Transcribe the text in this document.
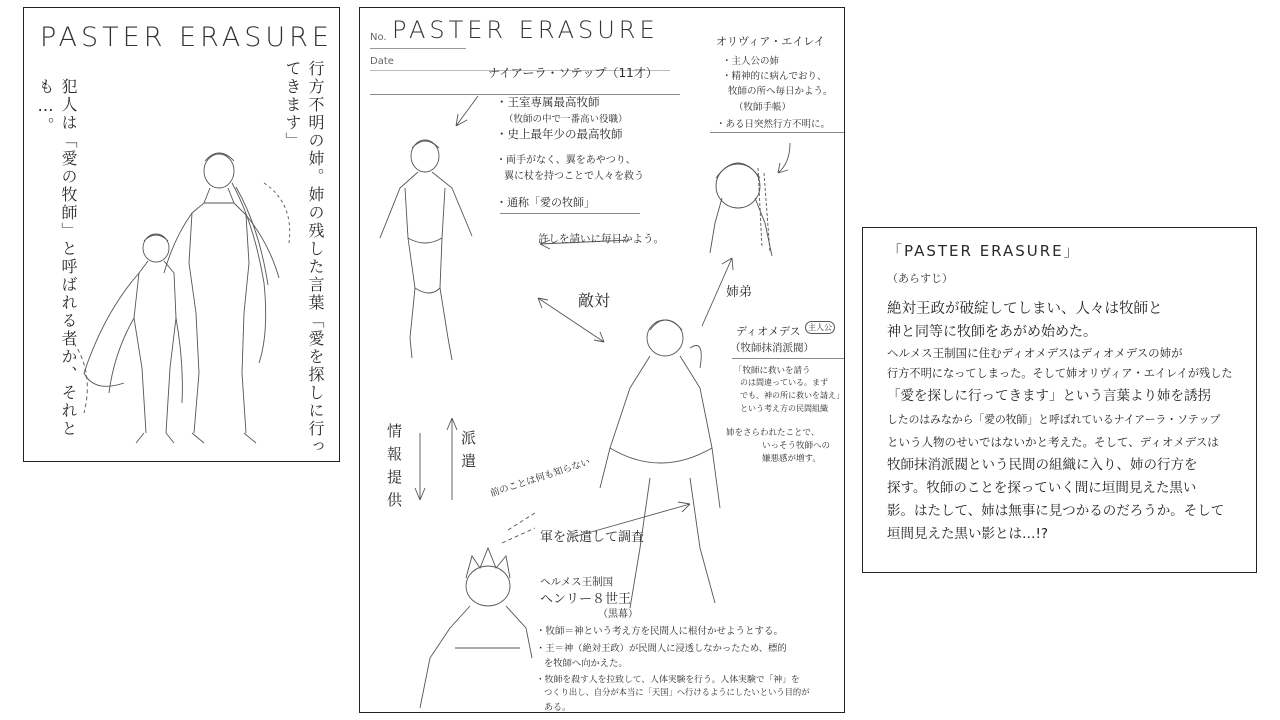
PASTER ERASURE
行方不明の姉。姉の残した言葉「愛を探しに行ってきます」
犯人は「愛の牧師」と呼ばれる者か、それとも…。
No.
Date
PASTER ERASURE
ナイアーラ・ソテップ（11才）
・王室専属最高牧師
（牧師の中で一番高い役職）
・史上最年少の最高牧師
・両手がなく、翼をあやつり、
翼に杖を持つことで人々を救う
・通称「愛の牧師」
オリヴィア・エイレイ
・主人公の姉
・精神的に病んでおり、
牧師の所へ毎日かよう。
（牧師手帳）
・ある日突然行方不明に。
姉弟
敵対
許しを請いに毎日かよう。
ディオメデス 主人公
（牧師抹消派閥）
「牧師に救いを請う
のは間違っている。まず
でも、神の所に救いを請え」
という考え方の民間組織
姉をさらわれたことで、
いっそう牧師への
嫌悪感が増す。
情報提供	派遣
前のことは何も知らない
軍を派遣して調査
ヘルメス王制国
ヘンリー８世王
（黒幕）
・牧師＝神という考え方を民間人に根付かせようとする。
・王＝神（絶対王政）が民間人に浸透しなかったため、標的
を牧師へ向かえた。
・牧師を殺す人を拉致して、人体実験を行う。人体実験で「神」を
つくり出し、自分が本当に「天国」へ行けるようにしたいという目的が
ある。
「PASTER ERASURE」
（あらすじ）
絶対王政が破綻してしまい、人々は牧師と
神と同等に牧師をあがめ始めた。
ヘルメス王制国に住むディオメデスはディオメデスの姉が
行方不明になってしまった。そして姉オリヴィア・エイレイが残した
「愛を探しに行ってきます」という言葉より姉を誘拐
したのはみなから「愛の牧師」と呼ばれているナイアーラ・ソテップ
という人物のせいではないかと考えた。そして、ディオメデスは
牧師抹消派閥という民間の組織に入り、姉の行方を
探す。牧師のことを探っていく間に垣間見えた黒い
影。はたして、姉は無事に見つかるのだろうか。そして
垣間見えた黒い影とは…!?
